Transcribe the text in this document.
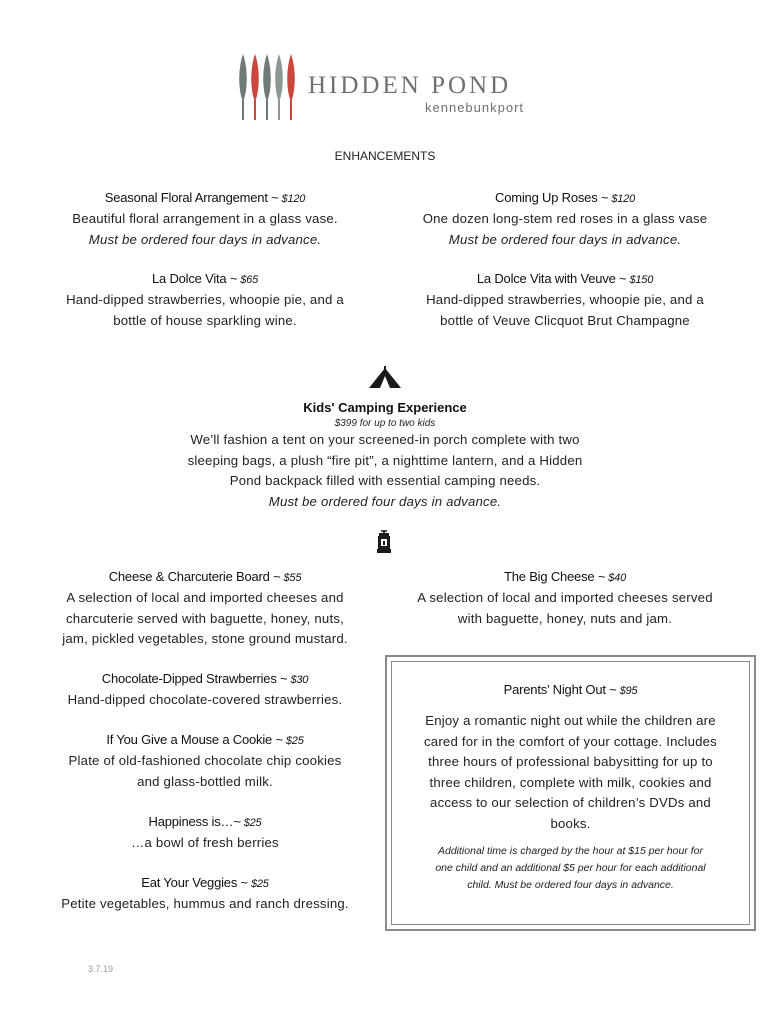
HIDDEN POND
kennebunkport
ENHANCEMENTS
Seasonal Floral Arrangement ~ $120
Beautiful floral arrangement in a glass vase.
Must be ordered four days in advance.
Coming Up Roses ~ $120
One dozen long-stem red roses in a glass vase
Must be ordered four days in advance.
La Dolce Vita ~ $65
Hand-dipped strawberries, whoopie pie, and a
bottle of house sparkling wine.
La Dolce Vita with Veuve ~ $150
Hand-dipped strawberries, whoopie pie, and a
bottle of Veuve Clicquot Brut Champagne
Kids' Camping Experience
$399 for up to two kids
We’ll fashion a tent on your screened-in porch complete with two
sleeping bags, a plush “fire pit”, a nighttime lantern, and a Hidden
Pond backpack filled with essential camping needs.
Must be ordered four days in advance.
Cheese & Charcuterie Board ~ $55
A selection of local and imported cheeses and
charcuterie served with baguette, honey, nuts,
jam, pickled vegetables, stone ground mustard.
Chocolate-Dipped Strawberries ~ $30
Hand-dipped chocolate-covered strawberries.
If You Give a Mouse a Cookie ~ $25
Plate of old-fashioned chocolate chip cookies
and glass-bottled milk.
Happiness is…~ $25
…a bowl of fresh berries
Eat Your Veggies ~ $25
Petite vegetables, hummus and ranch dressing.
The Big Cheese ~ $40
A selection of local and imported cheeses served
with baguette, honey, nuts and jam.
Parents’ Night Out ~ $95
Enjoy a romantic night out while the children are
cared for in the comfort of your cottage. Includes
three hours of professional babysitting for up to
three children, complete with milk, cookies and
access to our selection of children’s DVDs and
books.
Additional time is charged by the hour at $15 per hour for
one child and an additional $5 per hour for each additional
child. Must be ordered four days in advance.
3.7.19
